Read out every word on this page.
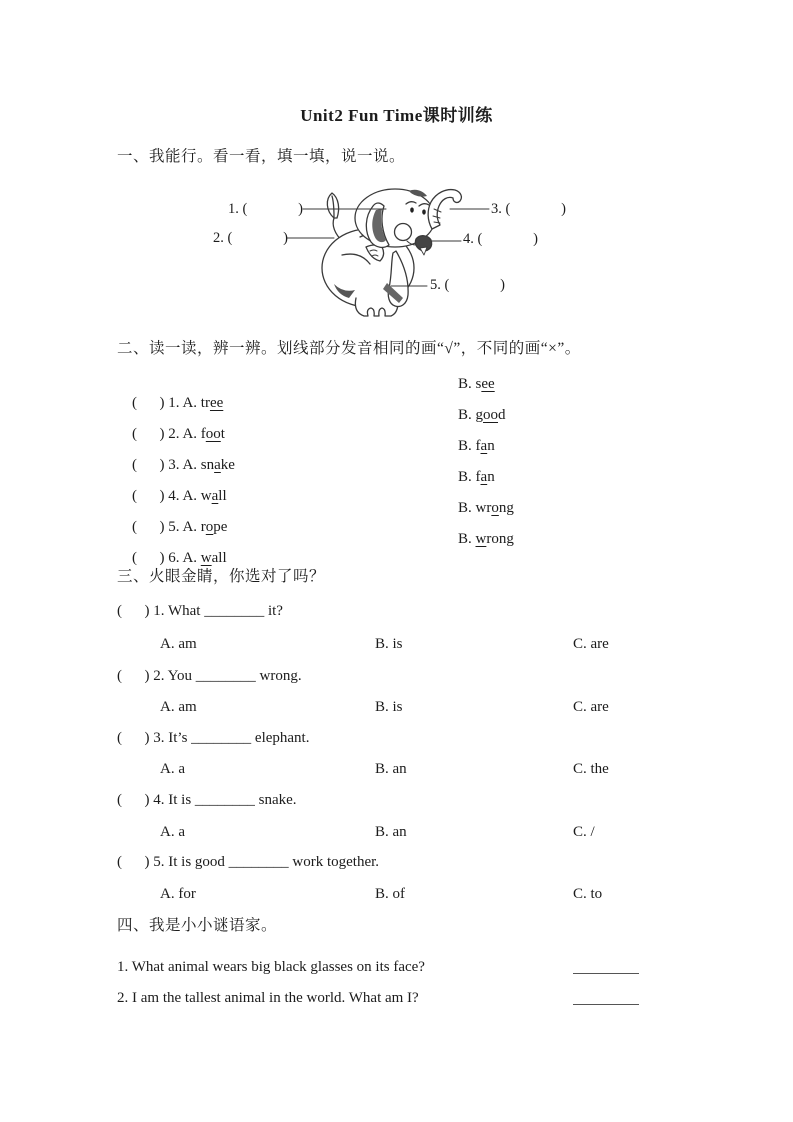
Unit2 Fun Time课时训练
一、我能行。看一看，填一填，说一说。
1. (              )
2. (              )
3. (              )
4. (              )
5. (              )
二、读一读，辨一辨。划线部分发音相同的画“√”，不同的画“×”。

(      ) 1. A. tree

B. see

(      ) 2. A. foot

B. good

(      ) 3. A. snake

B. fan

(      ) 4. A. wall

B. fan

(      ) 5. A. rope

B. wrong

(      ) 6. A. wall

B. wrong

三、火眼金睛，你选对了吗？
(      ) 1. What ________ it?

A. am

	B. is

	C. are

(      ) 2. You ________ wrong.

A. am

	B. is

	C. are

(      ) 3. It’s ________ elephant.

A. a

	B. an

	C. the

(      ) 4. It is ________ snake.

A. a

	B. an

	C. /

(      ) 5. It is good ________ work together.

A. for

	B. of

	C. to

四、我是小小谜语家。
1. What animal wears big black glasses on its face?
2. I am the tallest animal in the world. What am I?
